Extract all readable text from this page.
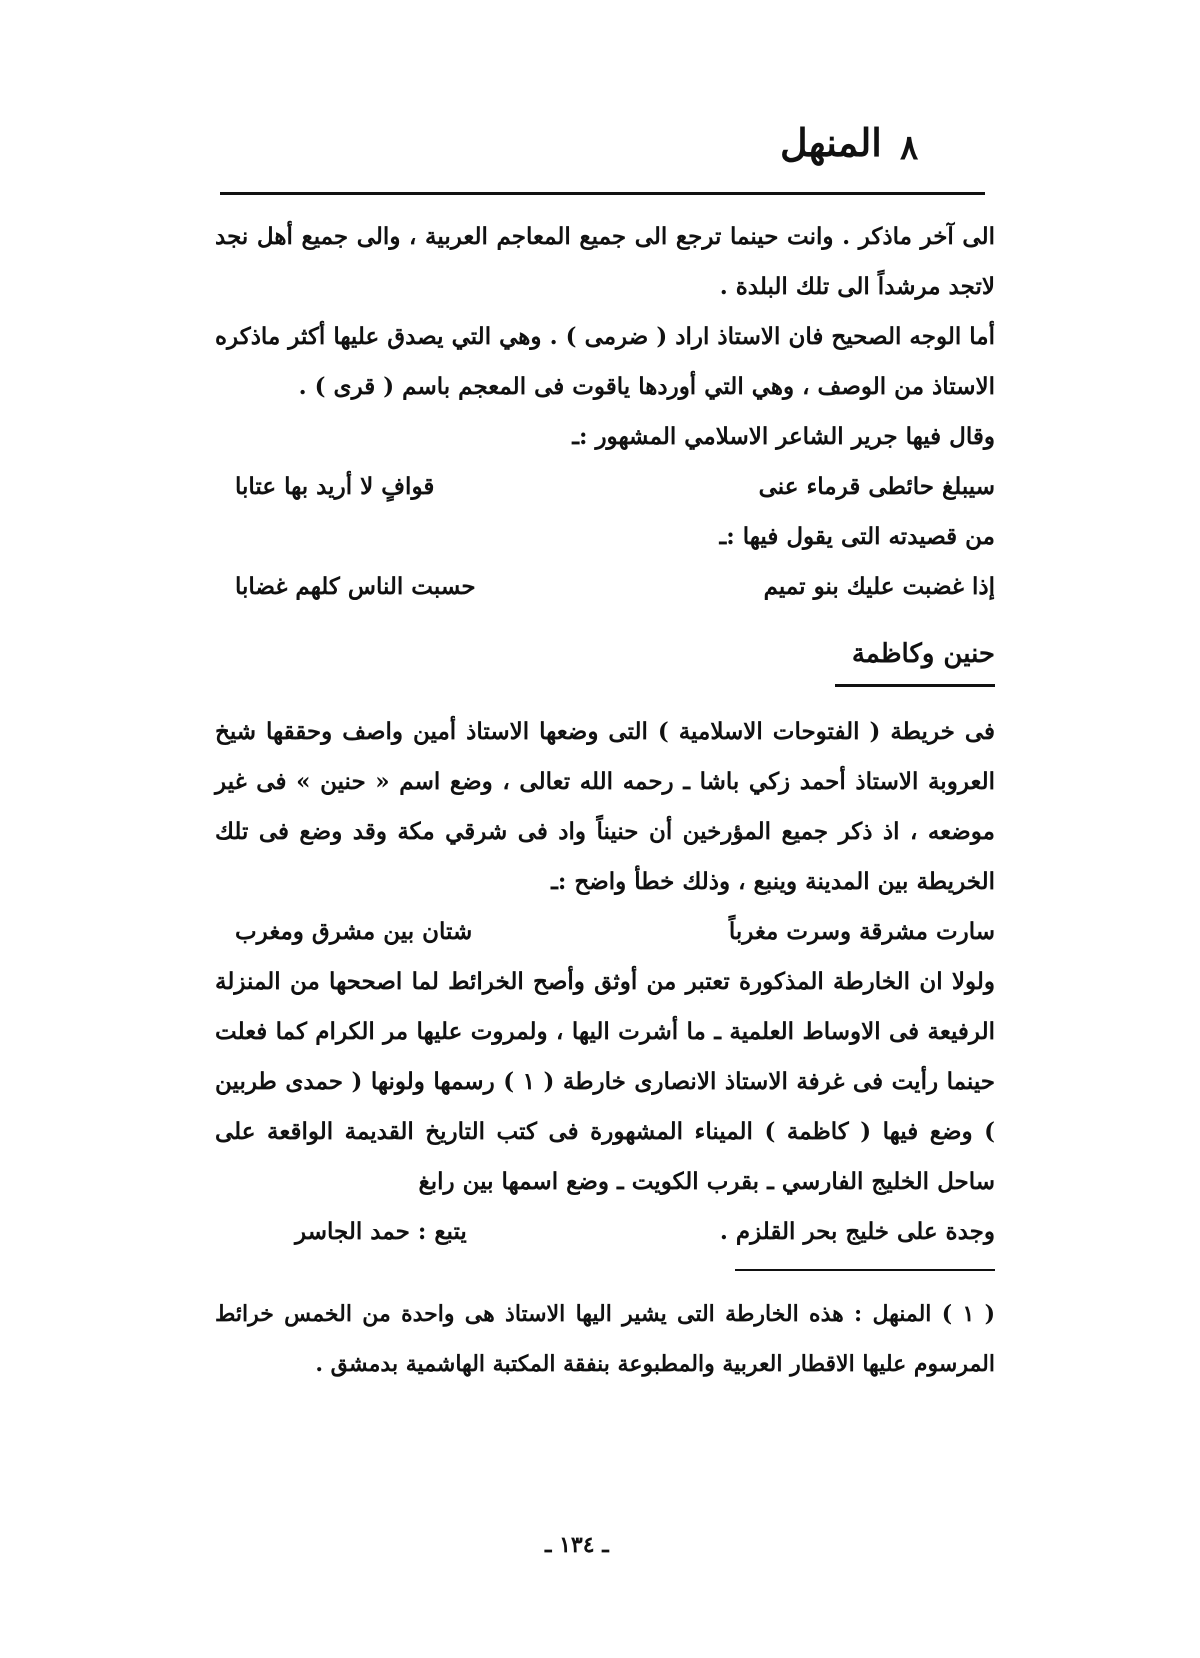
٨
المنهل

الى آخر ماذكر . وانت حينما ترجع الى جميع المعاجم العربية ، والى جميع أهل نجد لاتجد مرشداً الى تلك البلدة .

أما الوجه الصحيح فان الاستاذ اراد ( ضرمى ) . وهي التي يصدق عليها أكثر ماذكره الاستاذ من الوصف ، وهي التي أوردها ياقوت فى المعجم باسم ( قرى ) .

وقال فيها جرير الشاعر الاسلامي المشهور :ـ

سيبلغ حائطى قرماء عنى
قوافٍ لا أريد بها عتابا

من قصيدته التى يقول فيها :ـ

إذا غضبت عليك بنو تميم
حسبت الناس كلهم غضابا
حنين وكاظمة

فى خريطة ( الفتوحات الاسلامية ) التى وضعها الاستاذ أمين واصف وحققها شيخ العروبة الاستاذ أحمد زكي باشا ـ رحمه الله تعالى ، وضع اسم « حنين » فى غير موضعه ، اذ ذكر جميع المؤرخين أن حنيناً واد فى شرقي مكة وقد وضع فى تلك الخريطة بين المدينة وينبع ، وذلك خطأ واضح :ـ

سارت مشرقة وسرت مغرباً
شتان بين مشرق ومغرب

ولولا ان الخارطة المذكورة تعتبر من أوثق وأصح الخرائط لما اصححها من المنزلة الرفيعة فى الاوساط العلمية ـ ما أشرت اليها ، ولمروت عليها مر الكرام كما فعلت حينما رأيت فى غرفة الاستاذ الانصارى خارطة ( ١ ) رسمها ولونها ( حمدى طربين ) وضع فيها ( كاظمة ) الميناء المشهورة فى كتب التاريخ القديمة الواقعة على ساحل الخليج الفارسي ـ بقرب الكويت ـ وضع اسمها بين رابغ

وجدة على خليج بحر القلزم .
يتبع : حمد الجاسر

( ١ ) المنهل : هذه الخارطة التى يشير اليها الاستاذ هى واحدة من الخمس خرائط المرسوم عليها الاقطار العربية والمطبوعة بنفقة المكتبة الهاشمية بدمشق .

ـ ١٣٤ ـ
